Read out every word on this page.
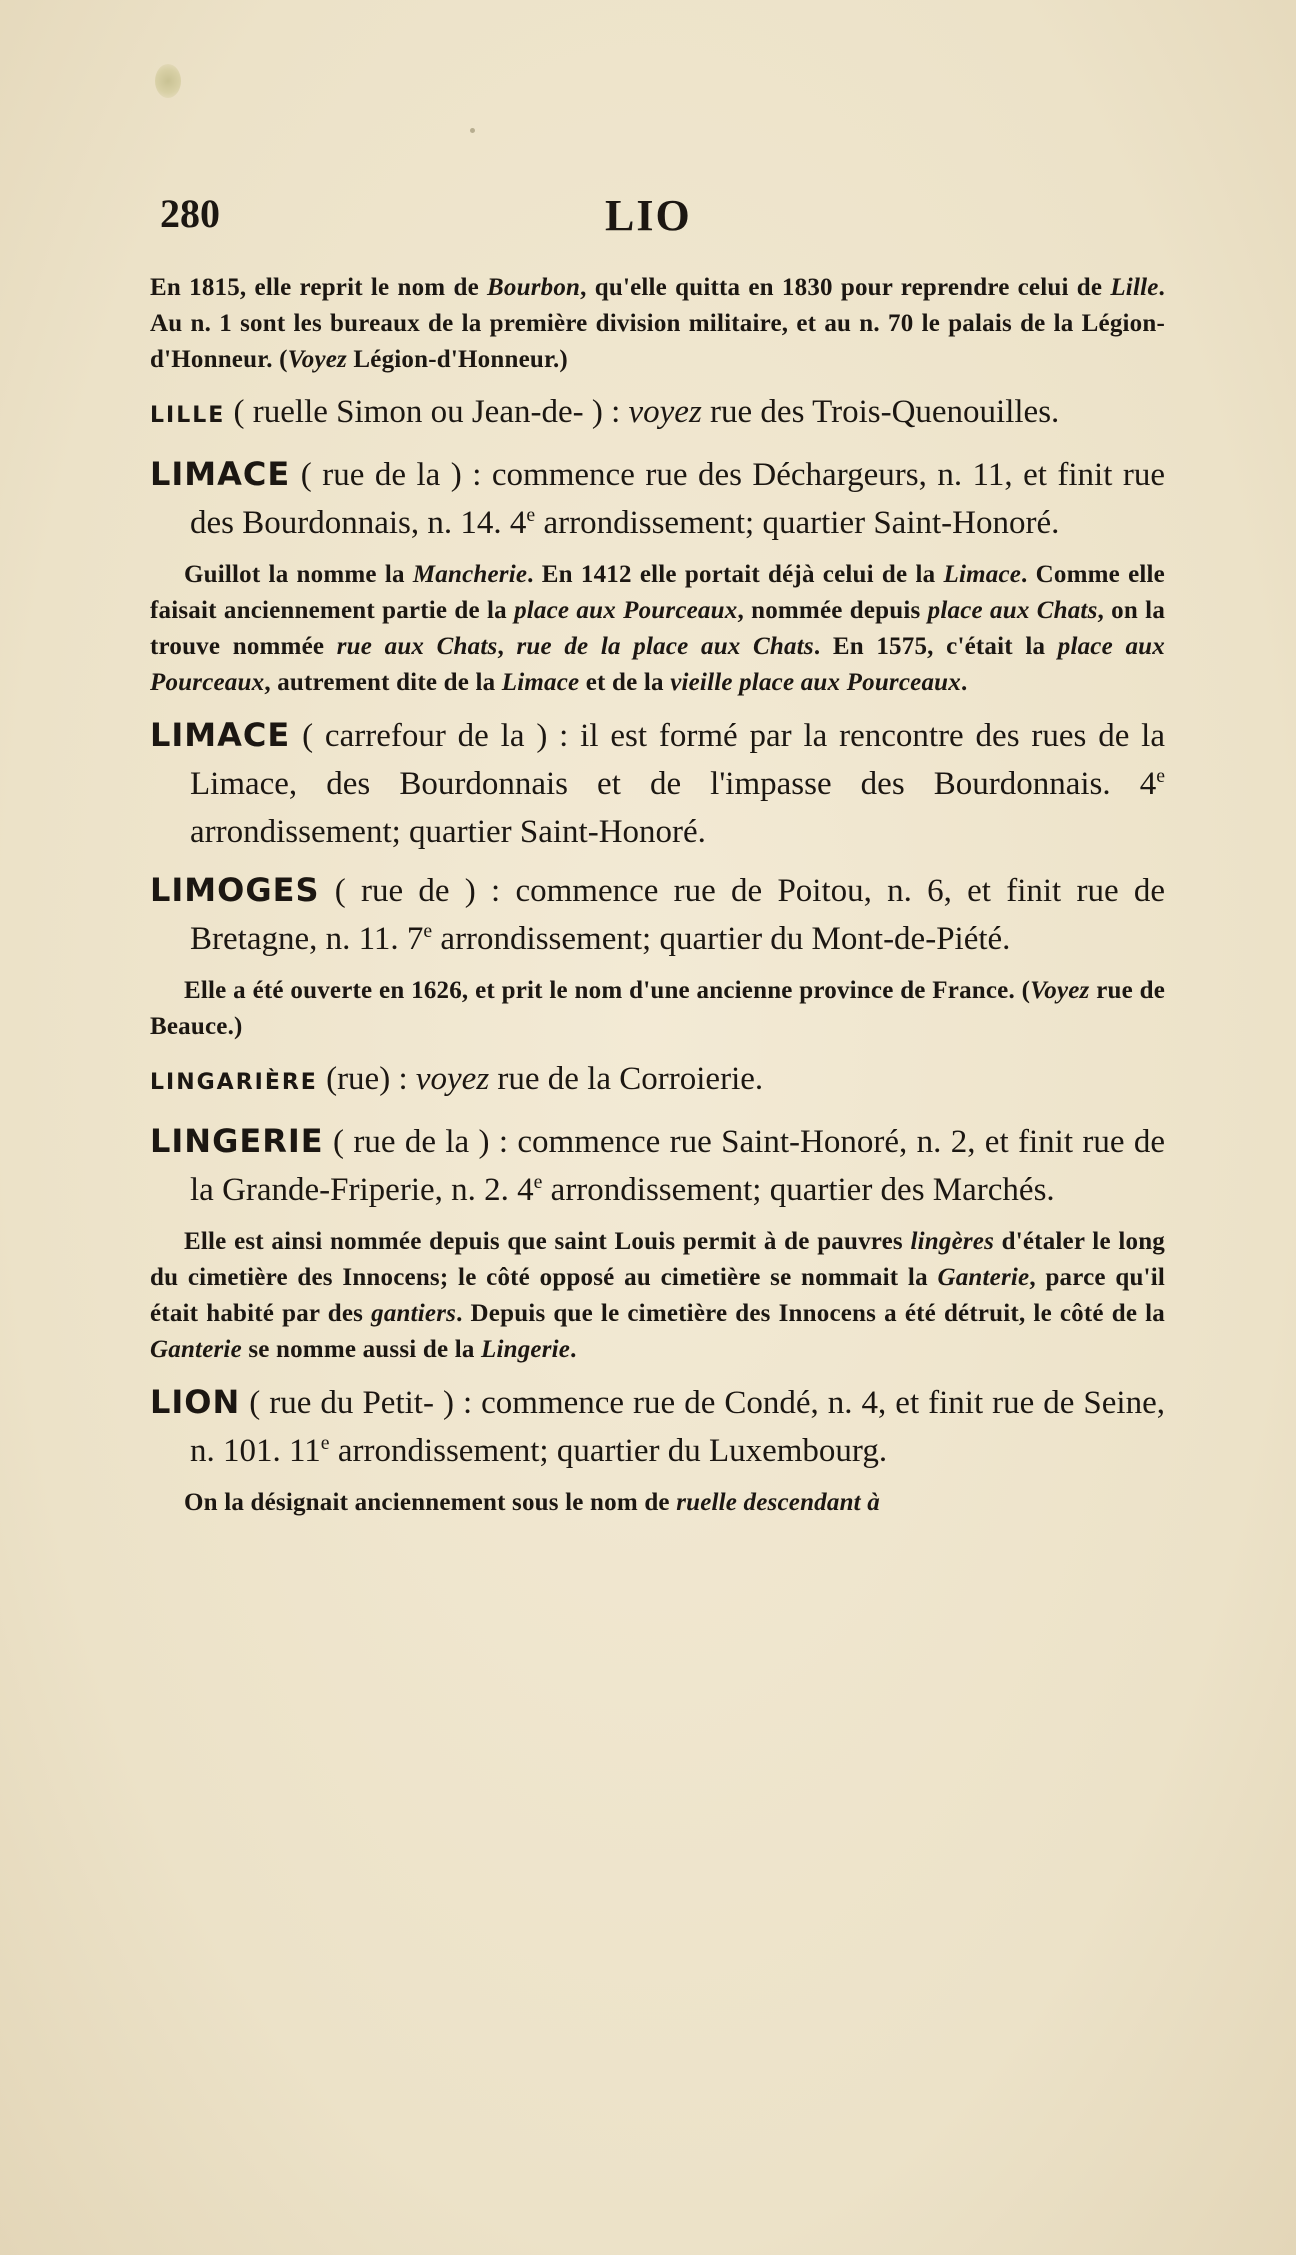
280	LIO

En 1815, elle reprit le nom de Bourbon, qu'elle quitta en 1830 pour reprendre celui de Lille. Au n. 1 sont les bureaux de la première division militaire, et au n. 70 le palais de la Légion-d'Honneur. (Voyez Légion-d'Honneur.)

LILLE ( ruelle Simon ou Jean-de- ) : voyez rue des Trois-Quenouilles.

LIMACE ( rue de la ) : commence rue des Déchargeurs, n. 11, et finit rue des Bourdonnais, n. 14. 4e arrondissement; quartier Saint-Honoré.

Guillot la nomme la Mancherie. En 1412 elle portait déjà celui de la Limace. Comme elle faisait anciennement partie de la place aux Pourceaux, nommée depuis place aux Chats, on la trouve nommée rue aux Chats, rue de la place aux Chats. En 1575, c'était la place aux Pourceaux, autrement dite de la Limace et de la vieille place aux Pourceaux.

LIMACE ( carrefour de la ) : il est formé par la rencontre des rues de la Limace, des Bourdonnais et de l'impasse des Bourdonnais. 4e arrondissement; quartier Saint-Honoré.

LIMOGES ( rue de ) : commence rue de Poitou, n. 6, et finit rue de Bretagne, n. 11. 7e arrondissement; quartier du Mont-de-Piété.

Elle a été ouverte en 1626, et prit le nom d'une ancienne province de France. (Voyez rue de Beauce.)

LINGARIÈRE (rue) : voyez rue de la Corroierie.

LINGERIE ( rue de la ) : commence rue Saint-Honoré, n. 2, et finit rue de la Grande-Friperie, n. 2. 4e arrondissement; quartier des Marchés.

Elle est ainsi nommée depuis que saint Louis permit à de pauvres lingères d'étaler le long du cimetière des Innocens; le côté opposé au cimetière se nommait la Ganterie, parce qu'il était habité par des gantiers. Depuis que le cimetière des Innocens a été détruit, le côté de la Ganterie se nomme aussi de la Lingerie.

LION ( rue du Petit- ) : commence rue de Condé, n. 4, et finit rue de Seine, n. 101. 11e arrondissement; quartier du Luxembourg.

On la désignait anciennement sous le nom de ruelle descendant à
